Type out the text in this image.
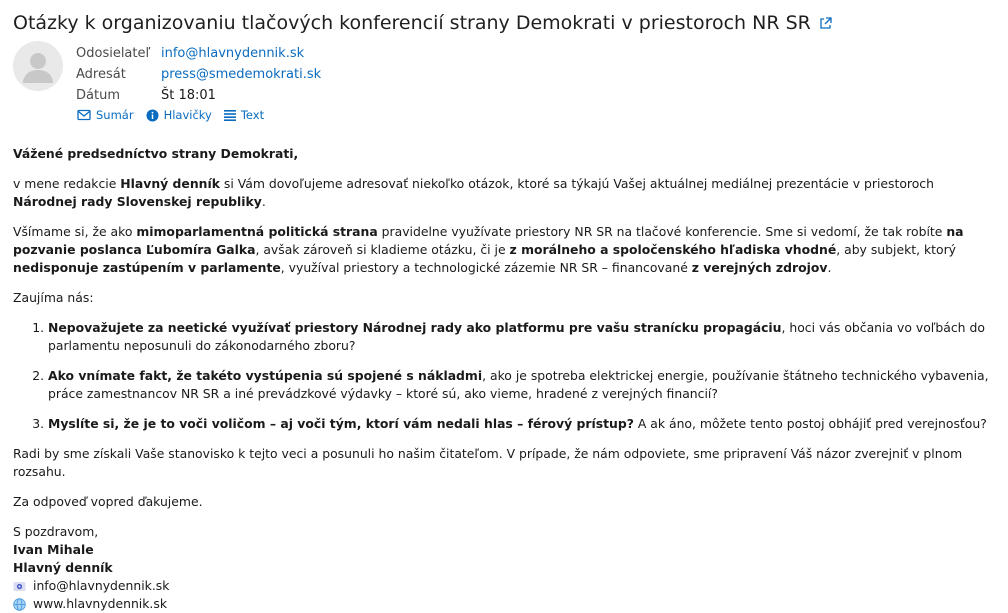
Otázky k organizovaniu tlačových konferencií strany Demokrati v priestoroch NR SR
Odosielateľ info@hlavnydennik.sk
Adresát	press@smedemokrati.sk
Dátum	Št 18:01
Sumár	Hlavičky	Text

Vážené predsedníctvo strany Demokrati,

v mene redakcie Hlavný denník si Vám dovoľujeme adresovať niekoľko otázok, ktoré sa týkajú Vašej aktuálnej mediálnej prezentácie v priestoroch Národnej rady Slovenskej republiky.

Všímame si, že ako mimoparlamentná politická strana pravidelne využívate priestory NR SR na tlačové konferencie. Sme si vedomí, že tak robíte na pozvanie poslanca Ľubomíra Galka, avšak zároveň si kladieme otázku, či je z morálneho a spoločenského hľadiska vhodné, aby subjekt, ktorý nedisponuje zastúpením v parlamente, využíval priestory a technologické zázemie NR SR – financované z verejných zdrojov.

Zaujíma nás:

1. Nepovažujete za neetické využívať priestory Národnej rady ako platformu pre vašu stranícku propagáciu, hoci vás občania vo voľbách do parlamentu neposunuli do zákonodarného zboru?
2. Ako vnímate fakt, že takéto vystúpenia sú spojené s nákladmi, ako je spotreba elektrickej energie, používanie štátneho technického vybavenia, práce zamestnancov NR SR a iné prevádzkové výdavky – ktoré sú, ako vieme, hradené z verejných financií?
3. Myslíte si, že je to voči voličom – aj voči tým, ktorí vám nedali hlas – férový prístup? A ak áno, môžete tento postoj obhájiť pred verejnosťou?

Radi by sme získali Vaše stanovisko k tejto veci a posunuli ho našim čitateľom. V prípade, že nám odpoviete, sme pripravení Váš názor zverejniť v plnom rozsahu.

Za odpoveď vopred ďakujeme.

S pozdravom,
Ivan Mihale
Hlavný denník
info@hlavnydennik.sk
www.hlavnydennik.sk
